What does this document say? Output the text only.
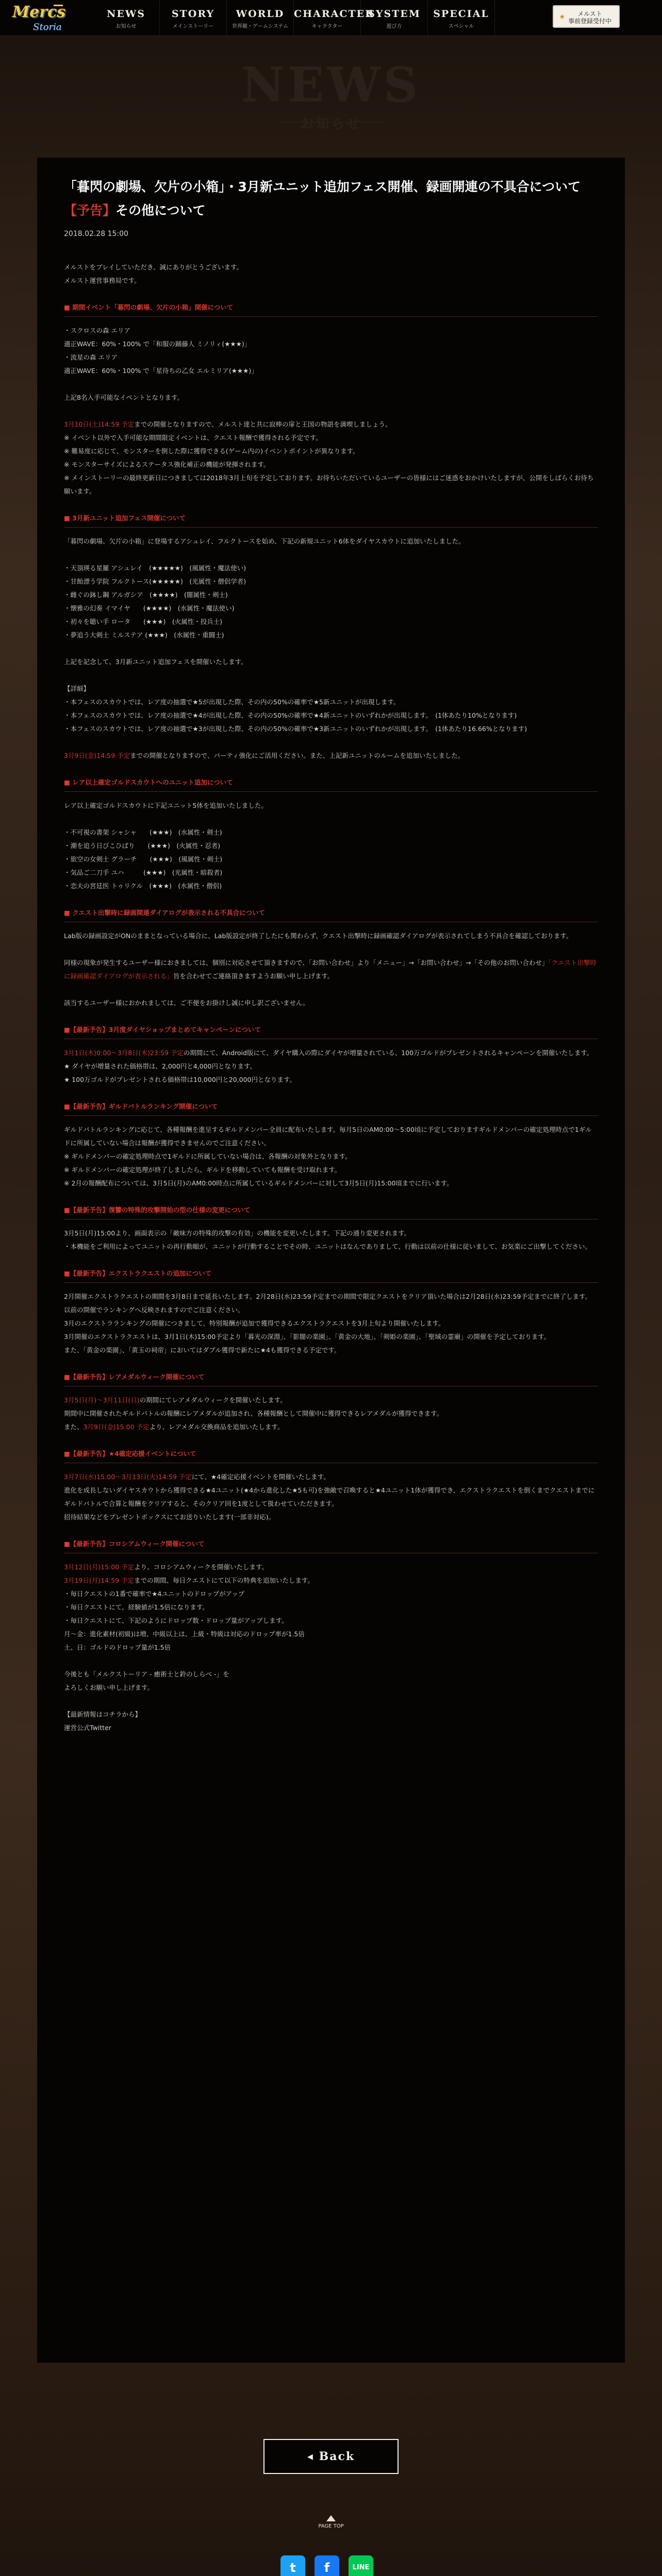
Mercs
Storia
NEWS
お知らせ
STORY
メインストーリー
WORLD
世界観・ゲームシステム
CHARACTER
キャラクター
SYSTEM
遊び方
SPECIAL
スペシャル
★	メルスト
事前登録受付中
NEWS
お知らせ
「暮閃の劇場、欠片の小箱」・3月新ユニット追加フェス開催、録画開連の不具合について【予告】その他について
2018.02.28 15:00
メルストをプレイしていただき、誠にありがとうございます。
メルスト運営事務局です。
■ 期間イベント「暮閃の劇場、欠片の小箱」開催について
・スクロスの森 エリア
適正WAVE：60%・100% で「和服の踊藤人 ミノリィ(★★★)」
・流星の森 エリア
適正WAVE：60%・100% で「星待ちの乙女 エルミリア(★★★)」

上記8名入手可能なイベントとなります。
3月10日(土)14:59 予定までの開催となりますので、メルスト達と共に寂棒の扉と王国の物語を満喫しましょう。
※ イベント以外で入手可能な期間限定イベントは、クエスト報酬で獲得される予定です。
※ 難易度に応じて、モンスターを倒した際に獲得できる(ゲーム内の)イベントポイントが異なります。
※ モンスターサイズによるステータス強化補正の機能が発揮されます。
※ メインストーリーの最終更新日につきましては2018年3月上旬を予定しております。お待ちいただいているユーザーの皆様にはご迷惑をおかけいたしますが、公開をしばらくお待ち願います。
■ 3月新ユニット追加フェス開催について
「暮閃の劇場、欠片の小箱」に登場するアシュレイ、フルクトースを始め、下記の新規ユニット6体をダイヤスカウトに追加いたしました。
・天頂瑛る星羅 アシュレイ　(★★★★★)　(風属性・魔法使い)
・甘飴漂う学院 フルクトース(★★★★★)　(光属性・僧侶学者)
・雌ぐの鉢し鋼 アルガシア　(★★★★)　(闇属性・剣士)
・懐雅の幻奏 イマイヤ　　(★★★★)　(水属性・魔法使い)
・初々を聴い手 ロータ　　(★★★)　(火属性・投兵士)
・夢追う大剣士 ミルステア (★★★)　(水属性・重闘士)
上記を記念して、3月新ユニット追加フェスを開催いたします。
【詳細】
・本フェスのスカウトでは、レア度の抽選で★5が出現した際、その内の50%の確率で★5新ユニットが出現します。
・本フェスのスカウトでは、レア度の抽選で★4が出現した際、その内の50%の確率で★4新ユニットのいずれかが出現します。　(1体あたり10%となります)
・本フェスのスカウトでは、レア度の抽選で★3が出現した際、その内の50%の確率で★3新ユニットのいずれかが出現します。　(1体あたり16.66%となります)
3月9日(金)14:59 予定までの開催となりますので、パーティ強化にご活用ください。また、上記新ユニットのルームを追加いたしました。
■ レア以上確定ゴルドスカウトへのユニット追加について
レア以上確定ゴルドスカウトに下記ユニット5体を追加いたしました。
・不可視の書架 シャシャ　　(★★★)　(水属性・剣士)
・潮を追う日びこひばり　　(★★★)　(火属性・忍者)
・旅空の女剣士 グラーチ　　(★★★)　(風属性・剣士)
・気品ご二刀手 ユハ　　　(★★★)　(光属性・暗殺者)
・恋夫の宮廷医 トゥリクル　(★★★)　(水属性・僧侶)
■ クエスト出撃時に録画開連ダイアログが表示される不具合について
Lab版の録画設定がONのままとなっている場合に、Lab版設定が終了したにも関わらず、クエスト出撃時に録画確認ダイアログが表示されてしまう不具合を確認しております。
同様の現象が発生するユーザー様におきましては、個別に対応させて頂きますので、「お問い合わせ」より「メニュー」→「お問い合わせ」→「その他のお問い合わせ」「クエスト出撃時に録画確認ダイアログが表示される」旨を合わせてご連絡頂きますようお願い申し上げます。

該当するユーザー様におかれましては、ご不便をお掛けし誠に申し訳ございません。
■【最新予告】3月度ダイヤショップまとめてキャンペーンについて
3月1日(木)0:00〜3月8日(木)23:59 予定の期間にて、Android版にて、ダイヤ購入の際にダイヤが増量されている、100万ゴルドがプレゼントされるキャンペーンを開催いたします。
★ ダイヤが増量された価格帯は、2,000円と4,000円となります。
★ 100万ゴルドがプレゼントされる価格帯は10,000円と20,000円となります。
■【最新予告】ギルドバトルランキング開催について
ギルドバトルランキングに応じて、各種報酬を進呈するギルドメンバー全員に配布いたします。毎月5日のAM0:00〜5:00頃に予定しておりますギルドメンバーの確定処理時点で1ギルドに所属していない場合は報酬が獲得できませんのでご注意ください。
※ ギルドメンバーの確定処理時点で1ギルドに所属していない場合は、各報酬の対象外となります。
※ ギルドメンバーの確定処理が終了しましたら、ギルドを移動していても報酬を受け取れます。
※ 2月の報酬配布については、3月5日(月)のAM0:00時点に所属しているギルドメンバーに対して3月5日(月)15:00頃までに行います。
■【最新予告】復讐の特殊的攻撃開始の型の仕様の変更について
3月5日(月)15:00より、画面表示の「敵味方の特殊的攻撃の有効」の機能を変更いたします。下記の通り変更されます。
・本機能をご利用によってユニットの再行動順が、ユニットが行動することでその時、ユニットはなんでありまして、行動は以前の仕様に従いまして、お気楽にご出撃してください。
■【最新予告】エクストラクエストの追加について
2月開催エクストラクエストの期間を3月8日まで延長いたします。2月28日(水)23:59予定までの期間で限定クエストをクリア頂いた場合は2月28日(水)23:59予定までに終了します。
以前の開催でランキングへ反映されますのでご注意ください。
3月のエクストラランキングの開催につきまして、特別報酬が追加で獲得できるエクストラクエストを3月上旬より開催いたします。
3月開催のエクストラクエストは、3月1日(木)15:00予定より「暮光の深淵」、「影闇の楽園」、「黄金の大地」、「剣姫の楽園」、「聖域の霊廟」の開催を予定しております。
また、「黄金の楽園」、「黄玉の祠帝」においてはダブル獲得で新たに★4も獲得できる予定です。
■【最新予告】レアメダルウィーク開催について
3月5日(月)〜3月11日(日)の期間にてレアメダルウィークを開催いたします。
期間中に開催されたギルドバトルの報酬にレアメダルが追加され、各種報酬として開催中に獲得できるレアメダルが獲得できます。
また、3月9日(金)15:00 予定より、レアメダル交換商品を追加いたします。
■【最新予告】★4確定応援イベントについて
3月7日(水)15:00〜3月13日(火)14:59 予定にて、★4確定応援イベントを開催いたします。
進化を成長しないダイヤスカウトから獲得できる★4ユニット(★4から進化した★5も可)を強敵で召喚すると★4ユニット1体が獲得でき、エクストラクエストを倒くまでクエストまでにギルドバトルで合算と報酬をクリアすると、そのクリア回を1度として扱わせていただきます。
招待結果などをプレゼントボックスにてお送りいたします(一部非対応)。
■【最新予告】コロシアムウィーク開催について
3月12日(月)15:00 予定より、コロシアムウィークを開催いたします。
3月19日(月)14:59 予定までの期間、毎日クエストにて以下の特典を追加いたします。
・毎日クエストの1番で確率で★4ユニットのドロップがアップ
・毎日クエストにて、経験値が1.5倍になります。
・毎日クエストにて、下記のようにドロップ数・ドロップ量がアップします。
月〜金：進化素材(初級)は増、中級以上は、上級・特級は対応のドロップ率が1.5倍
土、日：ゴルドのドロップ量が1.5倍
今後とも「メルクストーリア - 癒術士と鈴のしらべ -」を
よろしくお願い申し上げます。
【最新情報はコチラから】
運営公式Twitter
◂ Back
PAGE TOP
t	f	LINE
